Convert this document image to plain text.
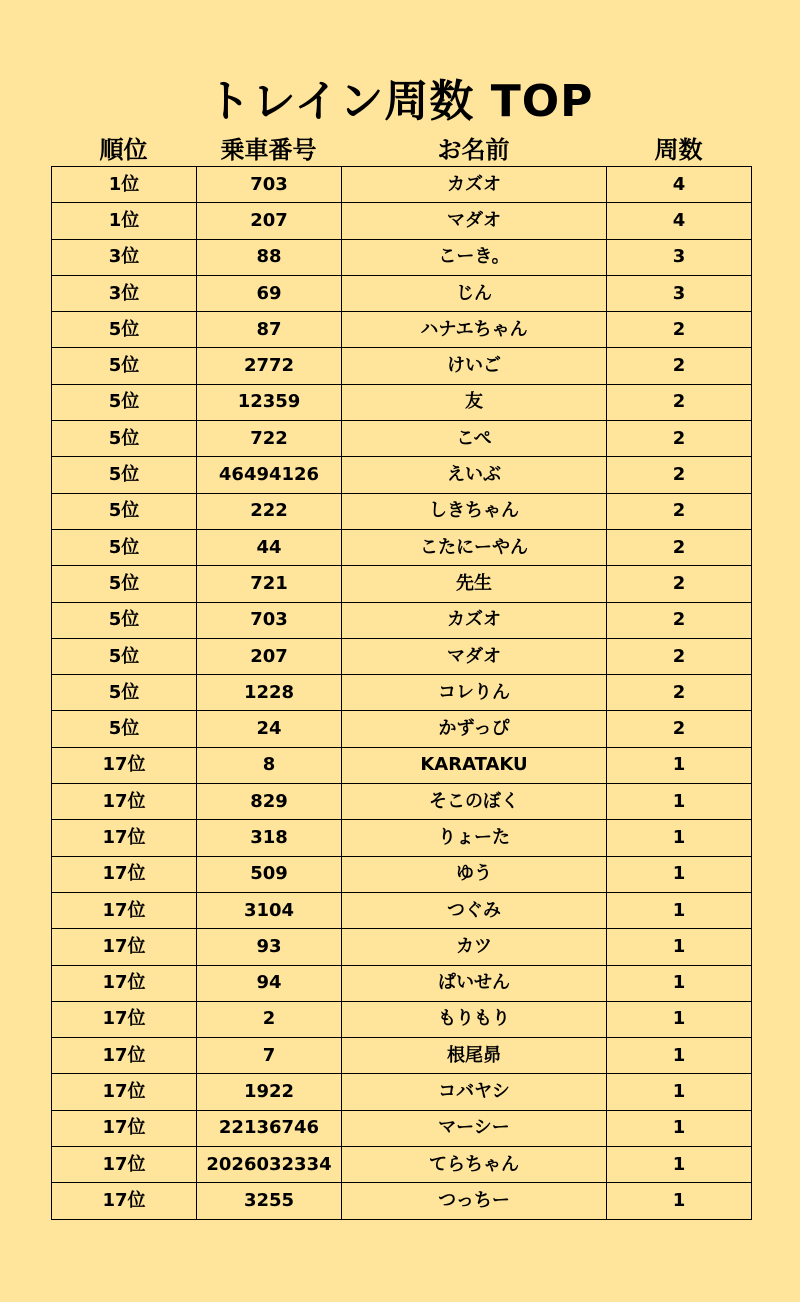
トレイン周数 TOP
順位	乗車番号	お名前	周数
1位	703	カズオ	4
1位	207	マダオ	4
3位	88	こーき。	3
3位	69	じん	3
5位	87	ハナエちゃん	2
5位	2772	けいご	2
5位	12359	友	2
5位	722	こぺ	2
5位	46494126	えいぶ	2
5位	222	しきちゃん	2
5位	44	こたにーやん	2
5位	721	先生	2
5位	703	カズオ	2
5位	207	マダオ	2
5位	1228	コレりん	2
5位	24	かずっぴ	2
17位	8	KARATAKU	1
17位	829	そこのぼく	1
17位	318	りょーた	1
17位	509	ゆう	1
17位	3104	つぐみ	1
17位	93	カツ	1
17位	94	ぱいせん	1
17位	2	もりもり	1
17位	7	根尾昴	1
17位	1922	コバヤシ	1
17位	22136746	マーシー	1
17位	2026032334	てらちゃん	1
17位	3255	つっちー	1
